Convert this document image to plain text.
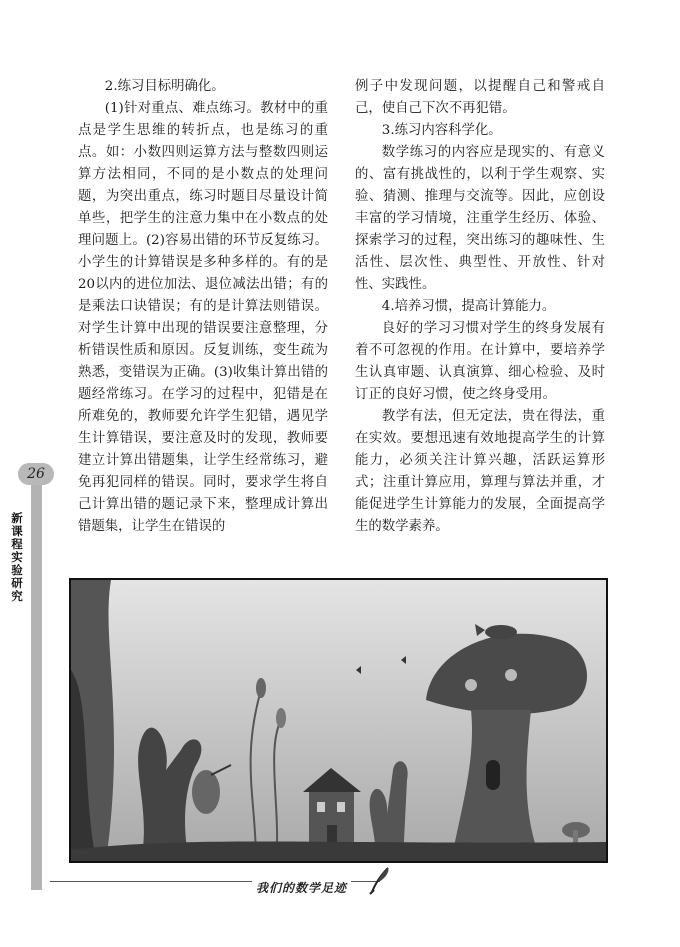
26
新课程实验研究

2.练习目标明确化。

(1)针对重点、难点练习。教材中的重点是学生思维的转折点，也是练习的重点。如：小数四则运算方法与整数四则运算方法相同，不同的是小数点的处理问题，为突出重点，练习时题目尽量设计简单些，把学生的注意力集中在小数点的处理问题上。(2)容易出错的环节反复练习。小学生的计算错误是多种多样的。有的是20以内的进位加法、退位减法出错；有的是乘法口诀错误；有的是计算法则错误。对学生计算中出现的错误要注意整理，分析错误性质和原因。反复训练，变生疏为熟悉，变错误为正确。(3)收集计算出错的题经常练习。在学习的过程中，犯错是在所难免的，教师要允许学生犯错，遇见学生计算错误，要注意及时的发现，教师要建立计算出错题集，让学生经常练习，避免再犯同样的错误。同时，要求学生将自己计算出错的题记录下来，整理成计算出错题集，让学生在错误的

例子中发现问题，以提醒自己和警戒自己，使自己下次不再犯错。

3.练习内容科学化。

数学练习的内容应是现实的、有意义的、富有挑战性的，以利于学生观察、实验、猜测、推理与交流等。因此，应创设丰富的学习情境，注重学生经历、体验、探索学习的过程，突出练习的趣味性、生活性、层次性、典型性、开放性、针对性、实践性。

4.培养习惯，提高计算能力。

良好的学习习惯对学生的终身发展有着不可忽视的作用。在计算中，要培养学生认真审题、认真演算、细心检验、及时订正的良好习惯，使之终身受用。

教学有法，但无定法，贵在得法，重在实效。要想迅速有效地提高学生的计算能力，必须关注计算兴趣，活跃运算形式；注重计算应用，算理与算法并重，才能促进学生计算能力的发展，全面提高学生的数学素养。

我们的数学足迹
